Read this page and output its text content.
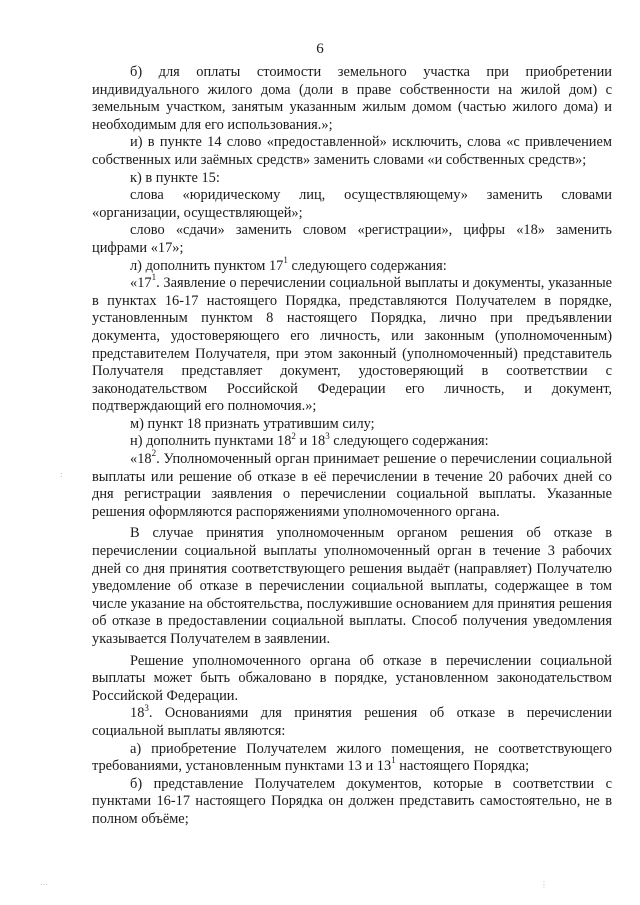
6

б) для оплаты стоимости земельного участка при приобретении индивидуального жилого дома (доли в праве собственности на жилой дом) с земельным участком, занятым указанным жилым домом (частью жилого дома) и необходимым для его использования.»;

и) в пункте 14 слово «предоставленной» исключить, слова «с привлечением собственных или заёмных средств» заменить словами «и собственных средств»;

к) в пункте 15:

слова «юридическому лиц, осуществляющему» заменить словами «организации, осуществляющей»;

слово «сдачи» заменить словом «регистрации», цифры «18» заменить цифрами «17»;

л) дополнить пунктом $17^1$ следующего содержания:

«$17^1$. Заявление о перечислении социальной выплаты и документы, указанные в пунктах 16-17 настоящего Порядка, представляются Получателем в порядке, установленным пунктом 8 настоящего Порядка, лично при предъявлении документа, удостоверяющего его личность, или законным (уполномоченным) представителем Получателя, при этом законный (уполномоченный) представитель Получателя представляет документ, удостоверяющий в соответствии с законодательством Российской Федерации его личность, и документ, подтверждающий его полномочия.»;

м) пункт 18 признать утратившим силу;

н) дополнить пунктами $18^2$ и $18^3$ следующего содержания:

«$18^2$. Уполномоченный орган принимает решение о перечислении социальной выплаты или решение об отказе в её перечислении в течение 20 рабочих дней со дня регистрации заявления о перечислении социальной выплаты. Указанные решения оформляются распоряжениями уполномоченного органа.

В случае принятия уполномоченным органом решения об отказе в перечислении социальной выплаты уполномоченный орган в течение 3 рабочих дней со дня принятия соответствующего решения выдаёт (направляет) Получателю уведомление об отказе в перечислении социальной выплаты, содержащее в том числе указание на обстоятельства, послужившие основанием для принятия решения об отказе в предоставлении социальной выплаты. Способ получения уведомления указывается Получателем в заявлении.

Решение уполномоченного органа об отказе в перечислении социальной выплаты может быть обжаловано в порядке, установленном законодательством Российской Федерации.

$18^3$. Основаниями для принятия решения об отказе в перечислении социальной выплаты являются:

а) приобретение Получателем жилого помещения, не соответствующего требованиями, установленным пунктами 13 и $13^1$ настоящего Порядка;

б) представление Получателем документов, которые в соответствии с пунктами 16-17 настоящего Порядка он должен представить самостоятельно, не в полном объёме;

:
⋯	⋮
